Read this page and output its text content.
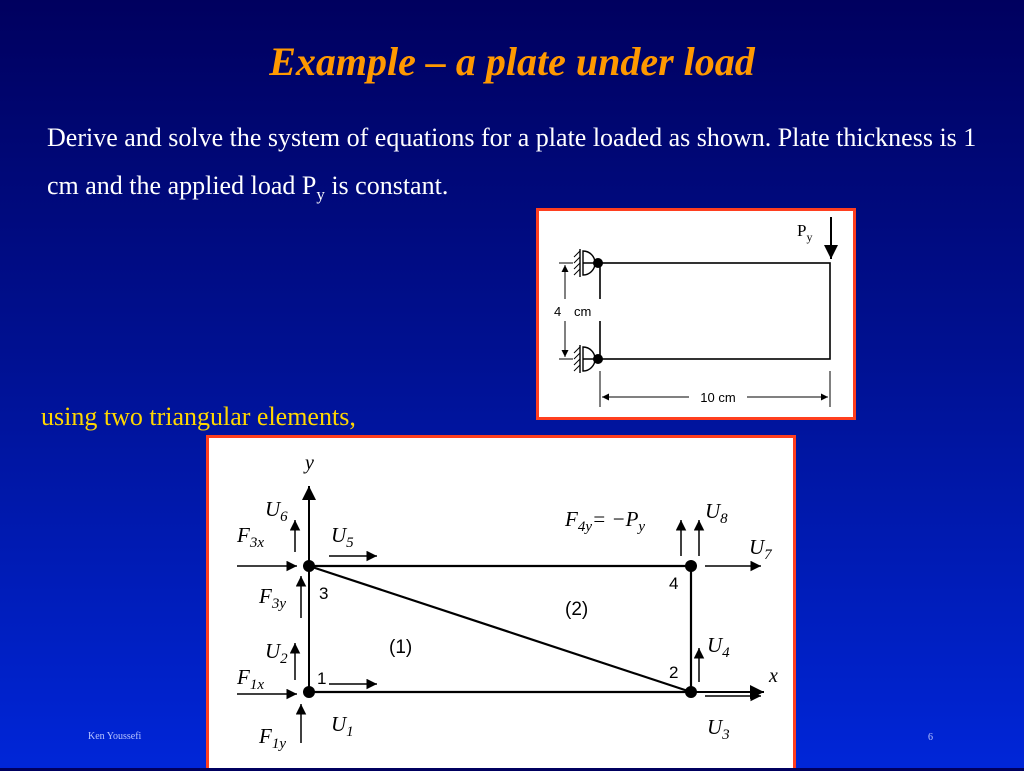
Example – a plate under load
Derive and solve the system of equations for a plate loaded as shown. Plate thickness is 1 cm and the applied load $P_y$ is constant.
4 cm
10 cm
$P_y$
using two triangular elements,
y
x
1	2
3
4
(1)
(2)
$U_6$
$U_5$
$F_{3x}$
$F_{3y}$
$U_2$
$F_{1x}$
$U_1$
$F_{1y}$
$U_8$
$U_7$
$U_4$
$U_3$
$F_{4y}= -P_y$
Ken Youssefi	6
